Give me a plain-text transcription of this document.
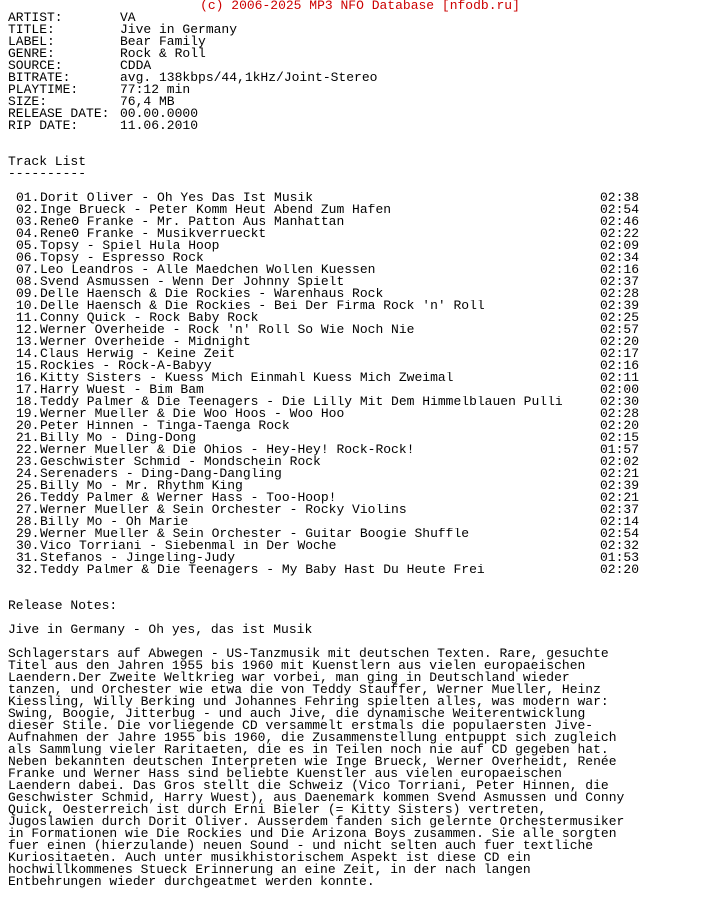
(c) 2006-2025 MP3 NFO Database [nfodb.ru]
ARTIST:	VA
TITLE:	Jive in Germany
LABEL:	Bear Family
GENRE:	Rock & Roll
SOURCE:	CDDA
BITRATE:	avg. 138kbps/44,1kHz/Joint-Stereo
PLAYTIME:	77:12 min
SIZE:	76,4 MB
RELEASE DATE: 00.00.0000
RIP DATE:	11.06.2010
Track List
----------
01. Dorit Oliver - Oh Yes Das Ist Musik	02:38
02. Inge Brueck - Peter Komm Heut Abend Zum Hafen	02:54
03. ReneΘ Franke - Mr. Patton Aus Manhattan	02:46
04. ReneΘ Franke - Musikverrueckt	02:22
05. Topsy - Spiel Hula Hoop	02:09
06. Topsy - Espresso Rock	02:34
07. Leo Leandros - Alle Maedchen Wollen Kuessen	02:16
08. Svend Asmussen - Wenn Der Johnny Spielt	02:37
09. Delle Haensch & Die Rockies - Warenhaus Rock	02:28
10. Delle Haensch & Die Rockies - Bei Der Firma Rock 'n' Roll	02:39
11. Conny Quick - Rock Baby Rock	02:25
12. Werner Overheide - Rock 'n' Roll So Wie Noch Nie	02:57
13. Werner Overheide - Midnight	02:20
14. Claus Herwig - Keine Zeit	02:17
15. Rockies - Rock-A-Babyy	02:16
16. Kitty Sisters - Kuess Mich Einmahl Kuess Mich Zweimal	02:11
17. Harry Wuest - Bim Bam	02:00
18. Teddy Palmer & Die Teenagers - Die Lilly Mit Dem Himmelblauen Pulli	02:30
19. Werner Mueller & Die Woo Hoos - Woo Hoo	02:28
20. Peter Hinnen - Tinga-Taenga Rock	02:20
21. Billy Mo - Ding-Dong	02:15
22. Werner Mueller & Die Ohios - Hey-Hey! Rock-Rock!	01:57
23. Geschwister Schmid - Mondschein Rock	02:02
24. Serenaders - Ding-Dang-Dangling	02:21
25. Billy Mo - Mr. Rhythm King	02:39
26. Teddy Palmer & Werner Hass - Too-Hoop!	02:21
27. Werner Mueller & Sein Orchester - Rocky Violins	02:37
28. Billy Mo - Oh Marie	02:14
29. Werner Mueller & Sein Orchester - Guitar Boogie Shuffle	02:54
30. Vico Torriani - Siebenmal in Der Woche	02:32
31. Stefanos - Jingeling-Judy	01:53
32. Teddy Palmer & Die Teenagers - My Baby Hast Du Heute Frei	02:20
Release Notes:
Jive in Germany - Oh yes, das ist Musik
Schlagerstars auf Abwegen - US-Tanzmusik mit deutschen Texten. Rare, gesuchte
Titel aus den Jahren 1955 bis 1960 mit Kuenstlern aus vielen europaeischen
Laendern.Der Zweite Weltkrieg war vorbei, man ging in Deutschland wieder
tanzen, und Orchester wie etwa die von Teddy Stauffer, Werner Mueller, Heinz
Kiessling, Willy Berking und Johannes Fehring spielten alles, was modern war:
Swing, Boogie, Jitterbug - und auch Jive, die dynamische Weiterentwicklung
dieser Stile. Die vorliegende CD versammelt erstmals die populaersten Jive-
Aufnahmen der Jahre 1955 bis 1960, die Zusammenstellung entpuppt sich zugleich
als Sammlung vieler Raritaeten, die es in Teilen noch nie auf CD gegeben hat.
Neben bekannten deutschen Interpreten wie Inge Brueck, Werner Overheidt, Renée
Franke und Werner Hass sind beliebte Kuenstler aus vielen europaeischen
Laendern dabei. Das Gros stellt die Schweiz (Vico Torriani, Peter Hinnen, die
Geschwister Schmid, Harry Wuest), aus Daenemark kommen Svend Asmussen und Conny
Quick, Oesterreich ist durch Erni Bieler (= Kitty Sisters) vertreten,
Jugoslawien durch Dorit Oliver. Ausserdem fanden sich gelernte Orchestermusiker
in Formationen wie Die Rockies und Die Arizona Boys zusammen. Sie alle sorgten
fuer einen (hierzulande) neuen Sound - und nicht selten auch fuer textliche
Kuriositaeten. Auch unter musikhistorischem Aspekt ist diese CD ein
hochwillkommenes Stueck Erinnerung an eine Zeit, in der nach langen
Entbehrungen wieder durchgeatmet werden konnte.
